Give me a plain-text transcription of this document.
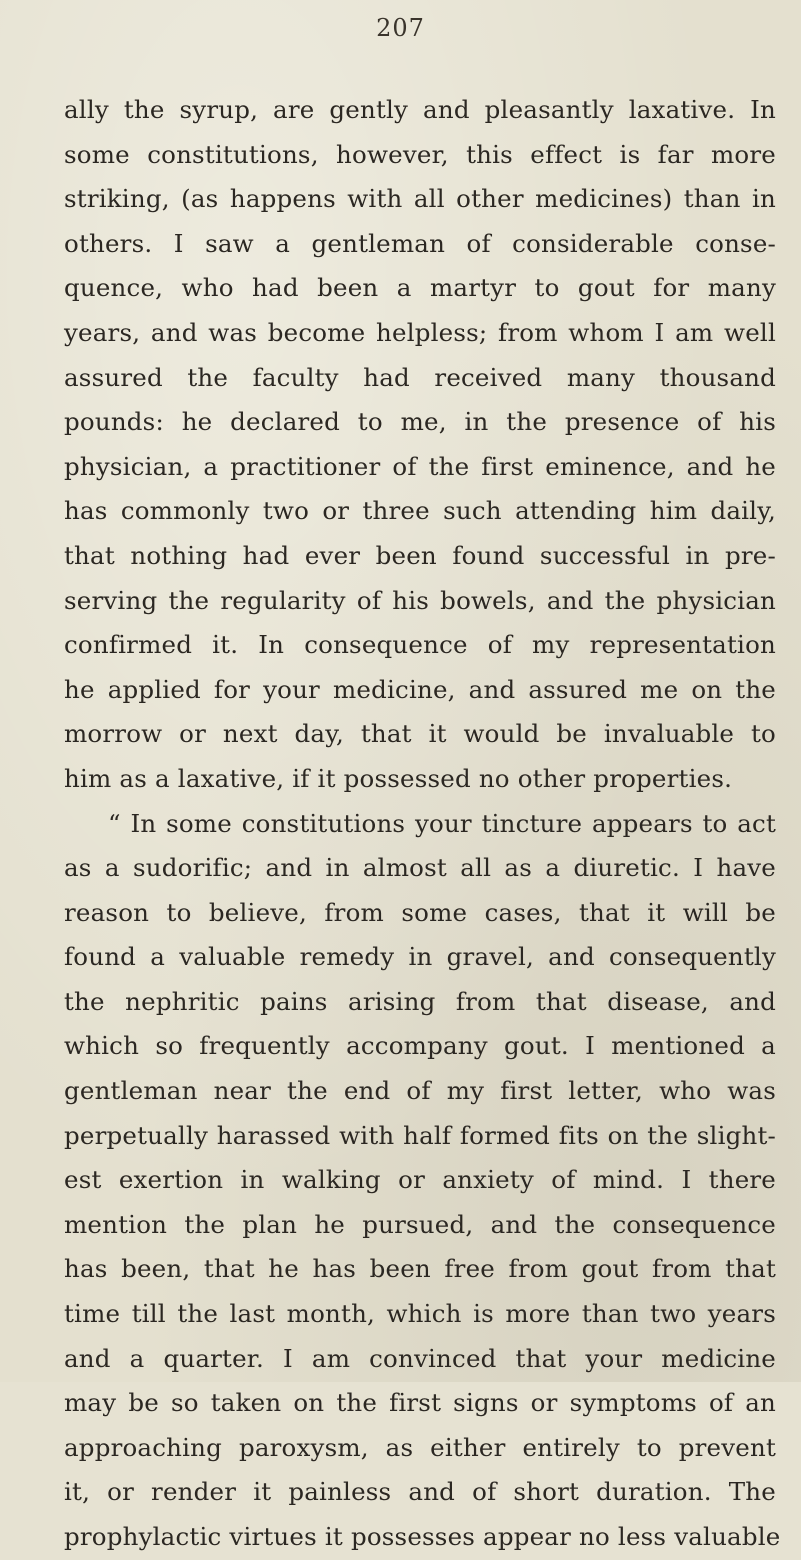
207
ally the syrup, are gently and pleasantly laxative. In
some constitutions, however, this effect is far more
striking, (as happens with all other medicines) than in
others. I saw a gentleman of considerable conse-
quence, who had been a martyr to gout for many
years, and was become helpless; from whom I am well
assured the faculty had received many thousand
pounds: he declared to me, in the presence of his
physician, a practitioner of the first eminence, and he
has commonly two or three such attending him daily,
that nothing had ever been found successful in pre-
serving the regularity of his bowels, and the physician
confirmed it. In consequence of my representation
he applied for your medicine, and assured me on the
morrow or next day, that it would be invaluable to
him as a laxative, if it possessed no other properties.
“ In some constitutions your tincture appears to act
as a sudorific; and in almost all as a diuretic. I have
reason to believe, from some cases, that it will be
found a valuable remedy in gravel, and consequently
the nephritic pains arising from that disease, and
which so frequently accompany gout. I mentioned a
gentleman near the end of my first letter, who was
perpetually harassed with half formed fits on the slight-
est exertion in walking or anxiety of mind. I there
mention the plan he pursued, and the consequence
has been, that he has been free from gout from that
time till the last month, which is more than two years
and a quarter. I am convinced that your medicine
may be so taken on the first signs or symptoms of an
approaching paroxysm, as either entirely to prevent
it, or render it painless and of short duration. The
prophylactic virtues it possesses appear no less valuable
